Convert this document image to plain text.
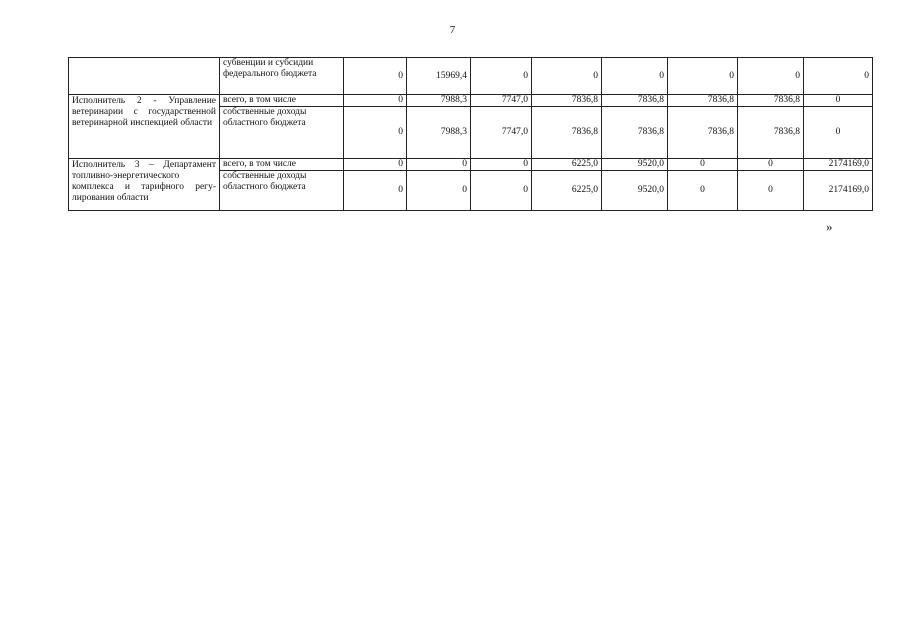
7
	субвенции и субсидии федерального бюджета	0	15969,4	0	0	0	0	0	0
Исполнитель 2 - Управление ветеринарии с государственной ветеринарной инспекцией области	всего, в том числе	0	7988,3	7747,0	7836,8	7836,8	7836,8	7836,8	0
	собственные доходы областного бюджета	0	7988,3	7747,0	7836,8	7836,8	7836,8	7836,8	0
Исполнитель 3 – Департамент топливно-энергетического комплекса и тарифного регулирования области	всего, в том числе	0	0	0	6225,0	9520,0	0	0	2174169,0
	собственные доходы областного бюджета	0	0	0	6225,0	9520,0	0	0	2174169,0
»
